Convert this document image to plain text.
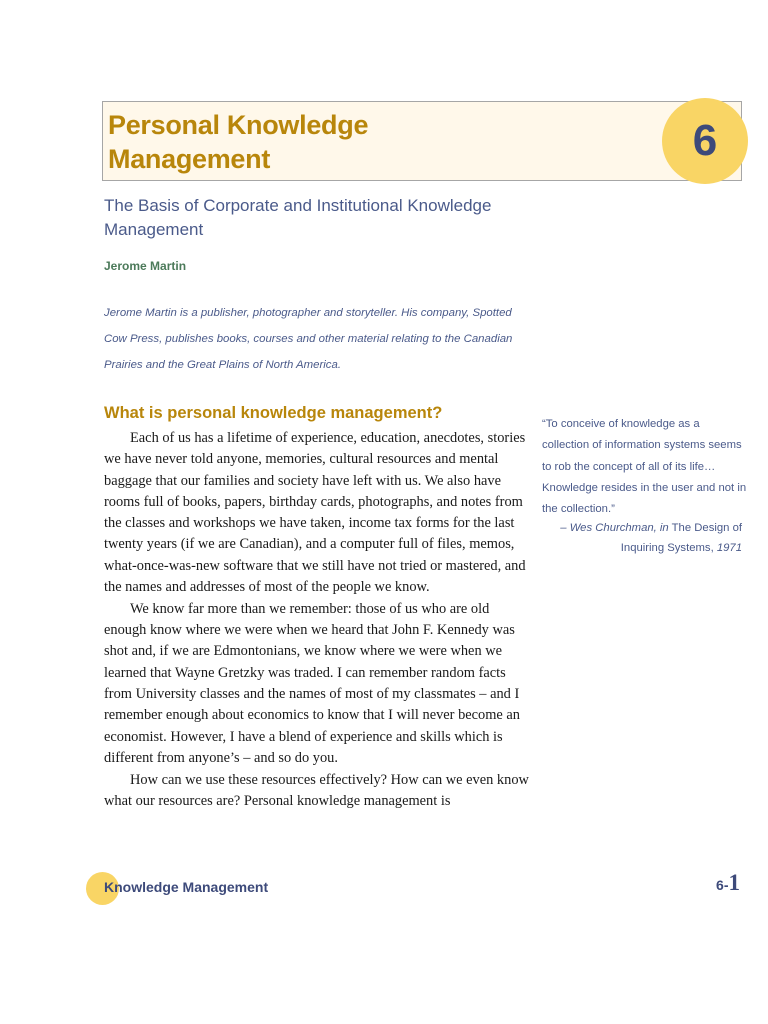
Personal Knowledge Management	6
The Basis of Corporate and Institutional Knowledge Management
Jerome Martin
Jerome Martin is a publisher, photographer and storyteller. His company, Spotted Cow Press, publishes books, courses and other material relating to the Canadian Prairies and the Great Plains of North America.
What is personal knowledge management?

Each of us has a lifetime of experience, education, anecdotes, stories we have never told anyone, memories, cultural resources and mental baggage that our families and society have left with us. We also have rooms full of books, papers, birthday cards, photographs, and notes from the classes and workshops we have taken, income tax forms for the last twenty years (if we are Canadian), and a computer full of files, memos, what-once-was-new software that we still have not tried or mastered, and the names and addresses of most of the people we know.

We know far more than we remember: those of us who are old enough know where we were when we heard that John F. Kennedy was shot and, if we are Edmontonians, we know where we were when we learned that Wayne Gretzky was traded. I can remember random facts from University classes and the names of most of my classmates – and I remember enough about economics to know that I will never become an economist. However, I have a blend of experience and skills which is different from anyone’s – and so do you.

How can we use these resources effectively? How can we even know what our resources are? Personal knowledge management is

“To conceive of knowledge as a collection of information systems seems to rob the concept of all of its life…Knowledge resides in the user and not in the collection.”
– Wes Churchman, in The Design of Inquiring Systems, 1971
Knowledge Management	6-1
